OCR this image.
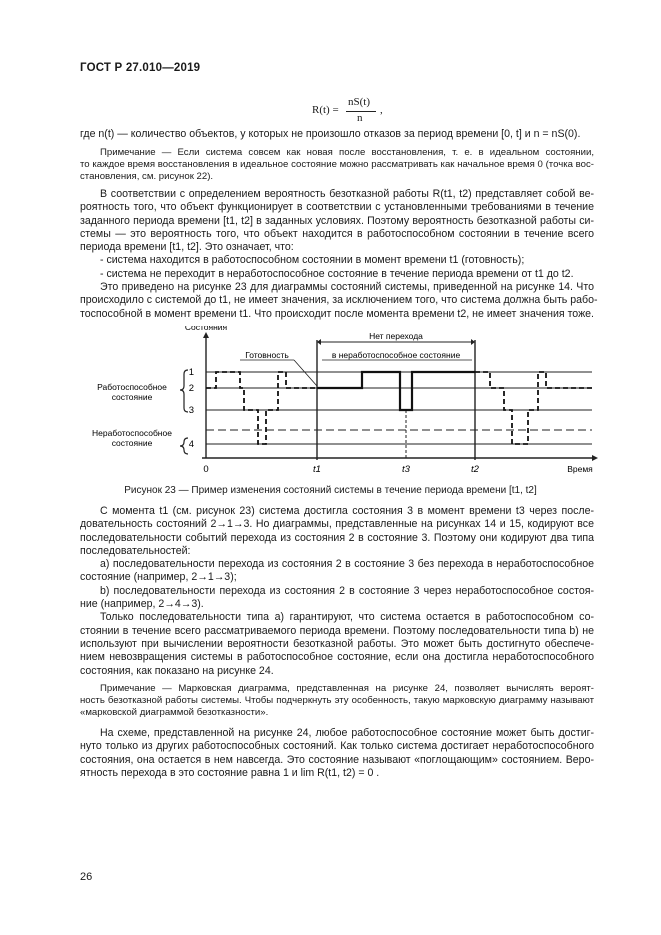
ГОСТ Р 27.010—2019
R(t) =
nS(t)
n
,
где n(t) — количество объектов, у которых не произошло отказов за период времени [0, t] и n = nS(0).
Примечание — Если система совсем как новая после восстановления, т. е. в идеальном состоянии,
то каждое время восстановления в идеальное состояние можно рассматривать как начальное время 0 (точка вос-
становления, см. рисунок 22).
В соответствии с определением вероятность безотказной работы R(t1, t2) представляет собой ве-
роятность того, что объект функционирует в соответствии с установленными требованиями в течение
заданного периода времени [t1, t2] в заданных условиях. Поэтому вероятность безотказной работы си-
стемы — это вероятность того, что объект находится в работоспособном состоянии в течение всего
периода времени [t1, t2]. Это означает, что:
- система находится в работоспособном состоянии в момент времени t1 (готовность);
- система не переходит в неработоспособное состояние в течение периода времени от t1 до t2.
Это приведено на рисунке 23 для диаграммы состояний системы, приведенной на рисунке 14. Что
происходило с системой до t1, не имеет значения, за исключением того, что система должна быть рабо-
тоспособной в момент времени t1. Что происходит после момента времени t2, не имеет значения тоже.
1
2
3
4
Работоспособное
состояние
Неработоспособное
состояние
Состояния
Время
0	t1	t3	t2
Нет перехода
в неработоспособное состояние
Готовность
Рисунок 23 — Пример изменения состояний системы в течение периода времени [t1, t2]
С момента t1 (см. рисунок 23) система достигла состояния 3 в момент времени t3 через после-
довательность состояний 2→1→3. Но диаграммы, представленные на рисунках 14 и 15, кодируют все
последовательности событий перехода из состояния 2 в состояние 3. Поэтому они кодируют два типа
последовательностей:
a) последовательности перехода из состояния 2 в состояние 3 без перехода в неработоспособное
состояние (например, 2→1→3);
b) последовательности перехода из состояния 2 в состояние 3 через неработоспособное состоя-
ние (например, 2→4→3).
Только последовательности типа a) гарантируют, что система остается в работоспособном со-
стоянии в течение всего рассматриваемого периода времени. Поэтому последовательности типа b) не
используют при вычислении вероятности безотказной работы. Это может быть достигнуто обеспече-
нием невозвращения системы в работоспособное состояние, если она достигла неработоспособного
состояния, как показано на рисунке 24.
Примечание — Марковская диаграмма, представленная на рисунке 24, позволяет вычислять вероят-
ность безотказной работы системы. Чтобы подчеркнуть эту особенность, такую марковскую диаграмму называют
«марковской диаграммой безотказности».
На схеме, представленной на рисунке 24, любое работоспособное состояние может быть достиг-
нуто только из других работоспособных состояний. Как только система достигает неработоспособного
состояния, она остается в нем навсегда. Это состояние называют «поглощающим» состоянием. Веро-
ятность перехода в это состояние равна 1 и lim R(t1, t2) = 0 .
26
